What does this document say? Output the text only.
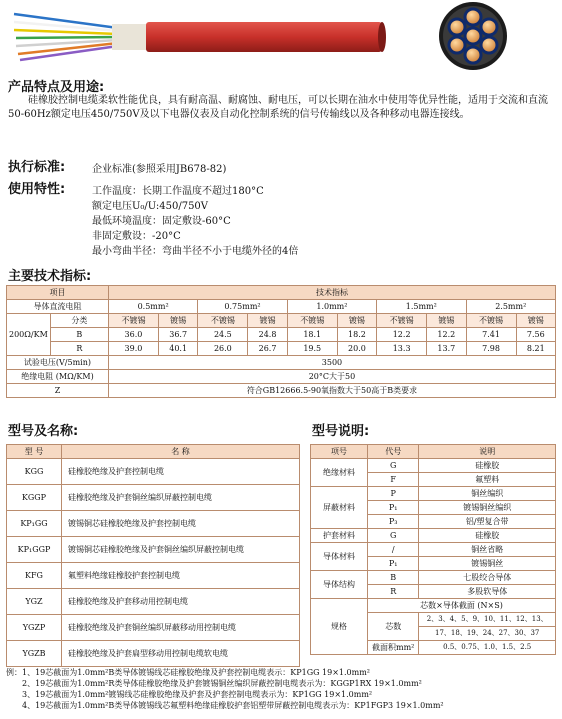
产品特点及用途:
硅橡胶控制电缆柔软性能优良，具有耐高温、耐腐蚀、耐电压，可以长期在油水中使用等优异性能，适用于交流和直流50-60Hz额定电压450/750V及以下电器仪表及自动化控制系统的信号传输线以及各种移动电器连接线。
执行标准:	企业标准(参照采用JB678-82)
使用特性:	工作温度：长期工作温度不超过180°C
额定电压U₀/U:450/750V
最低环境温度：固定敷设-60°C
非固定敷设：-20°C
最小弯曲半径：弯曲半径不小于电缆外径的4倍
主要技术指标:
项目		技术指标									
导体直流电阻		0.5mm²		0.75mm²		1.0mm²		1.5mm²		2.5mm²	
200Ω/KM	分类	不镀锡	镀锡	不镀锡	镀锡	不镀锡	镀锡	不镀锡	镀锡	不镀锡	镀锡
	B	36.0	36.7	24.5	24.8	18.1	18.2	12.2	12.2	7.41	7.56
	R	39.0	40.1	26.0	26.7	19.5	20.0	13.3	13.7	7.98	8.21
试验电压(V/5min)		3500									
绝缘电阻 (MΩ/KM)		20°C大于50									
Z		符合GB12666.5-90氧指数大于50高于B类要求									
型号及名称:
型 号	名 称
KGG	硅橡胶绝缘及护套控制电缆
KGGP	硅橡胶绝缘及护套铜丝编织屏蔽控制电缆
KP₁GG	镀锡铜芯硅橡胶绝缘及护套控制电缆
KP₁GGP	镀锡铜芯硅橡胶绝缘及护套铜丝编织屏蔽控制电缆
KFG	氟塑料绝缘硅橡胶护套控制电缆
YGZ	硅橡胶绝缘及护套移动用控制电缆
YGZP	硅橡胶绝缘及护套铜丝编织屏蔽移动用控制电缆
YGZB	硅橡胶绝缘及护套扁型移动用控制电缆软电缆
型号说明:
项号	代号	说明
绝缘材料	G	硅橡胶
	F	氟塑料
屏蔽材料	P	铜丝编织
	P₁	镀锡铜丝编织
	P₃	铝/塑复合带
护套材料	G	硅橡胶
导体材料	/	铜丝省略
	P₁	镀锡铜丝
导体结构	B	七股绞合导体
	R	多股软导体
规格	芯数×导体截面 (N×S)	
	芯数	2、3、4、5、9、10、11、12、13、
		17、18、19、24、27、30、37
	截面积mm²	0.5、0.75、1.0、1.5、2.5
例：1、19芯截面为1.0mm²B类导体镀锡线芯硅橡胶绝缘及护套控制电缆表示：KP1GG 19×1.0mm²
2、19芯截面为1.0mm²R类导体硅橡胶绝缘及护套镀锡铜丝编织屏蔽控制电缆表示为：KGGP1RX 19×1.0mm²
3、19芯截面为1.0mm²镀锡线芯硅橡胶绝缘及护套及护套控制电缆表示为：KP1GG 19×1.0mm²
4、19芯截面为1.0mm²B类导体镀锡线芯氟塑料绝缘硅橡胶护套铝塑带屏蔽控制电缆表示为：KP1FGP3 19×1.0mm²
